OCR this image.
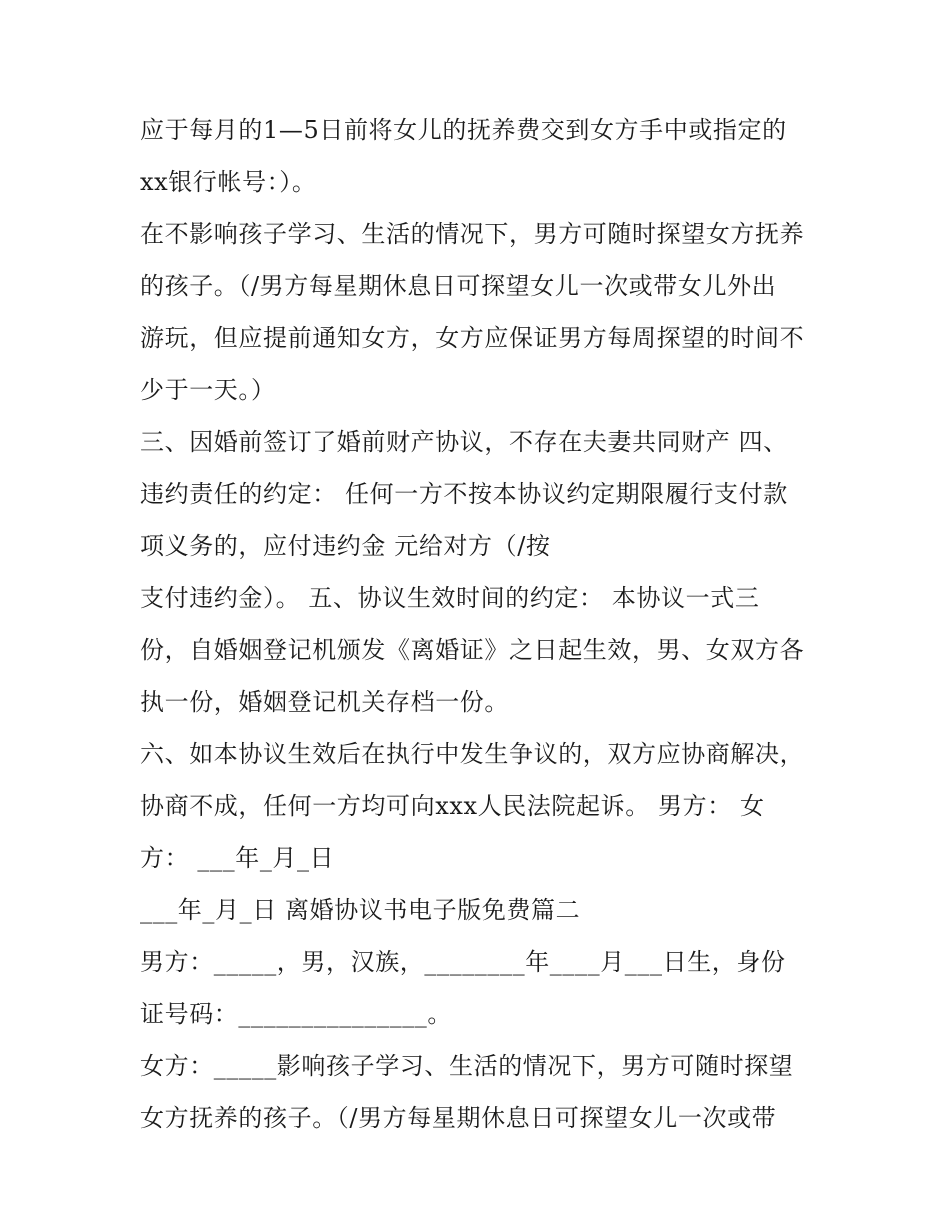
应于每月的1—5日前将女儿的抚养费交到女方手中或指定的
xx银行帐号：）。
在不影响孩子学习、生活的情况下，男方可随时探望女方抚养
的孩子。（/男方每星期休息日可探望女儿一次或带女儿外出
游玩，但应提前通知女方，女方应保证男方每周探望的时间不
少于一天。）
三、因婚前签订了婚前财产协议，不存在夫妻共同财产 四、
违约责任的约定： 任何一方不按本协议约定期限履行支付款
项义务的，应付违约金 元给对方（/按
支付违约金）。 五、协议生效时间的约定： 本协议一式三
份，自婚姻登记机颁发《离婚证》之日起生效，男、女双方各
执一份，婚姻登记机关存档一份。
六、如本协议生效后在执行中发生争议的，双方应协商解决，
协商不成，任何一方均可向xxx人民法院起诉。 男方： 女
方： ___年_月_日
___年_月_日 离婚协议书电子版免费篇二
男方：_____，男，汉族，________年____月___日生，身份
证号码：_______________。
女方：_____影响孩子学习、生活的情况下，男方可随时探望
女方抚养的孩子。（/男方每星期休息日可探望女儿一次或带
